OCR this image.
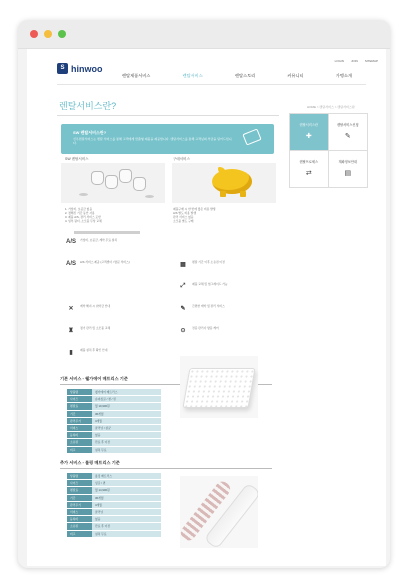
LOGIN JOIN SITEMAP
S hinwoo
렌탈제품서비스	렌탈서비스	렌탈스토리	커뮤니티	가맹소개
렌탈서비스란?	HOME > 렌탈서비스 > 렌탈서비스란
SW 렌탈서비스란?
신우렌탈서비스는 렌탈 서비스를 통해 고객에게 맞춤형 제품을 제공합니다. 렌탈서비스를 통해 고객님의 부담을 덜어드립니다.
SW 렌탈서비스	구매서비스
1. 가입비, 보증금 없음
2. 정해진 기간 동안 사용
3. 제품 A/S, 관리 서비스 포함
4. 일부 필터, 소모품 무상 교체
제품구매 시 한 번에 많은 비용 발생
A/S 별도 비용 발생
관리 서비스 없음
소모품 별도 구매
A/S	가입비, 보증금, 계약 무료 설치
A/S	A/S 서비스 제공 (고객센터 / 방문 서비스)	▦	렌탈 기간 이후 소유권 이전
⤢	제품 교체 및 업그레이드 가능
✕	계약 해지 시 위약금 안내	✎	간편한 계약 및 관리 서비스
♜	정기 관리 및 소모품 교체	⊙	전문 관리사 방문 케어
▮	제품 설치 후 확인 안내
기본 서비스 - 웰가에어 매트리스 기준
상품명	웰가에어 매트리스
사이즈	슈퍼싱글 / 퀸 / 킹
렌탈료	월 19,900원
기간	36개월
관리주기	4개월
서비스	클리닝 / 살균
등록비	없음
소유권	만료 후 이전
비고	설치 무료
추가 서비스 - 롤링 매트리스 기준
상품명	롤링 매트리스
사이즈	싱글 / 퀸
렌탈료	월 14,900원
기간	36개월
관리주기	4개월
서비스	클리닝
등록비	없음
소유권	만료 후 이전
비고	설치 무료
렌탈서비스란
✚
렌탈서비스신청
✎
렌탈프로세스
⇄
계좌정보안내
▤
